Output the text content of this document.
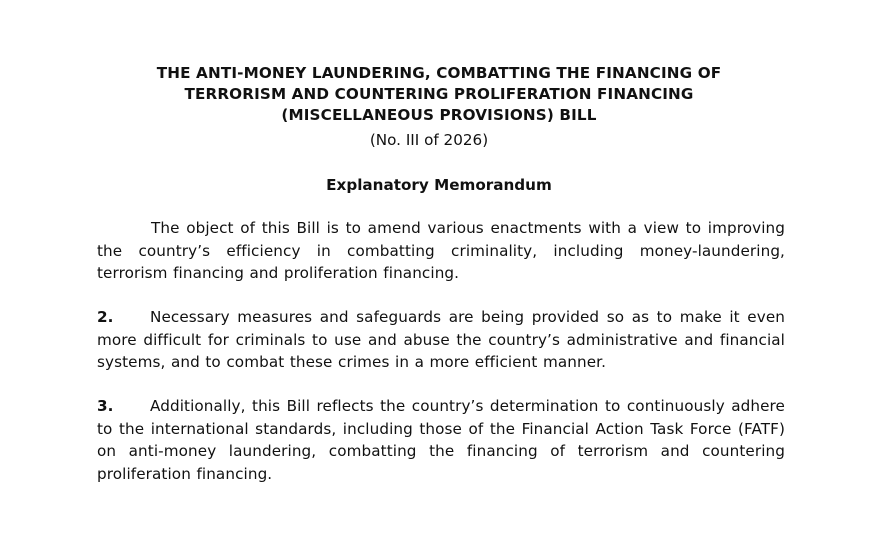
THE ANTI-MONEY LAUNDERING, COMBATTING THE FINANCING OF
TERRORISM AND COUNTERING PROLIFERATION FINANCING
(MISCELLANEOUS PROVISIONS) BILL
(No. III of 2026)
Explanatory Memorandum

The object of this Bill is to amend various enactments with a view to improving the country’s efficiency in combatting criminality, including money-laundering, terrorism financing and proliferation financing.

2. Necessary measures and safeguards are being provided so as to make it even more difficult for criminals to use and abuse the country’s administrative and financial systems, and to combat these crimes in a more efficient manner.

3. Additionally, this Bill reflects the country’s determination to continuously adhere to the international standards, including those of the Financial Action Task Force (FATF) on anti-money laundering, combatting the financing of terrorism and countering proliferation financing.
